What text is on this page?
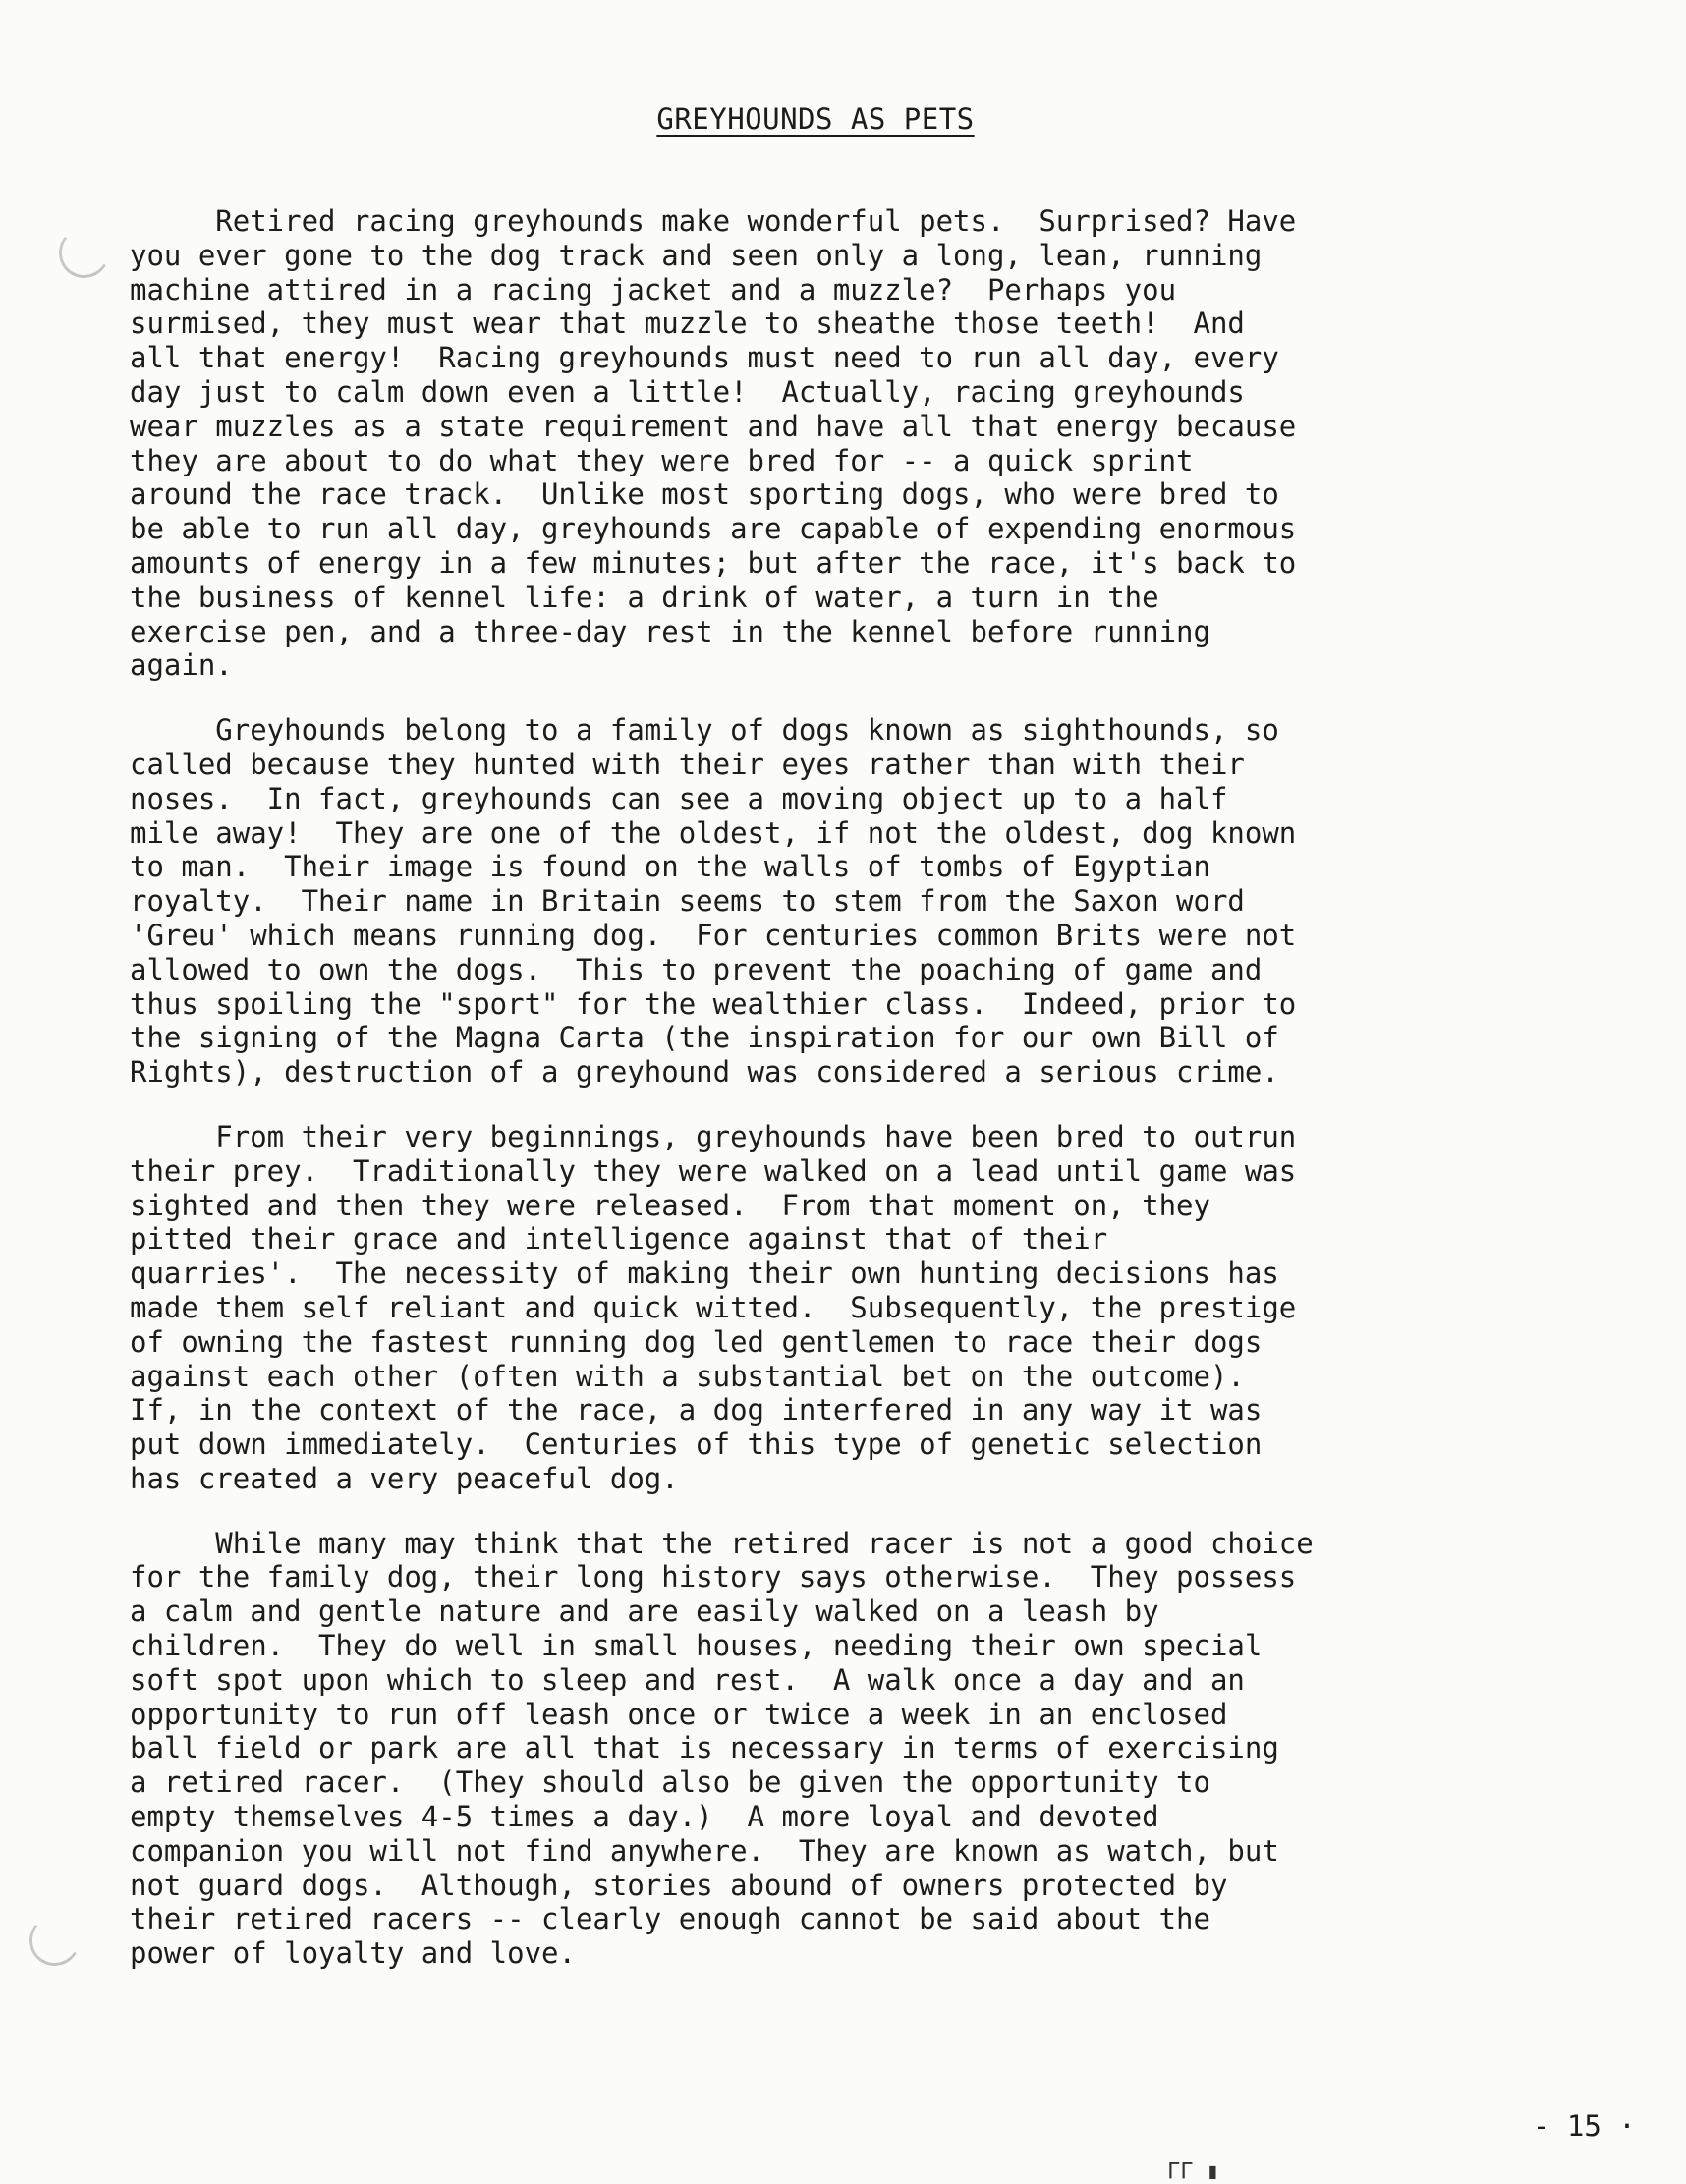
GREYHOUNDS AS PETS
Retired racing greyhounds make wonderful pets.  Surprised? Have
you ever gone to the dog track and seen only a long, lean, running
machine attired in a racing jacket and a muzzle?  Perhaps you
surmised, they must wear that muzzle to sheathe those teeth!  And
all that energy!  Racing greyhounds must need to run all day, every
day just to calm down even a little!  Actually, racing greyhounds
wear muzzles as a state requirement and have all that energy because
they are about to do what they were bred for -- a quick sprint
around the race track.  Unlike most sporting dogs, who were bred to
be able to run all day, greyhounds are capable of expending enormous
amounts of energy in a few minutes; but after the race, it's back to
the business of kennel life: a drink of water, a turn in the
exercise pen, and a three-day rest in the kennel before running
again.
Greyhounds belong to a family of dogs known as sighthounds, so
called because they hunted with their eyes rather than with their
noses.  In fact, greyhounds can see a moving object up to a half
mile away!  They are one of the oldest, if not the oldest, dog known
to man.  Their image is found on the walls of tombs of Egyptian
royalty.  Their name in Britain seems to stem from the Saxon word
'Greu' which means running dog.  For centuries common Brits were not
allowed to own the dogs.  This to prevent the poaching of game and
thus spoiling the "sport" for the wealthier class.  Indeed, prior to
the signing of the Magna Carta (the inspiration for our own Bill of
Rights), destruction of a greyhound was considered a serious crime.
From their very beginnings, greyhounds have been bred to outrun
their prey.  Traditionally they were walked on a lead until game was
sighted and then they were released.  From that moment on, they
pitted their grace and intelligence against that of their
quarries'.  The necessity of making their own hunting decisions has
made them self reliant and quick witted.  Subsequently, the prestige
of owning the fastest running dog led gentlemen to race their dogs
against each other (often with a substantial bet on the outcome).
If, in the context of the race, a dog interfered in any way it was
put down immediately.  Centuries of this type of genetic selection
has created a very peaceful dog.
While many may think that the retired racer is not a good choice
for the family dog, their long history says otherwise.  They possess
a calm and gentle nature and are easily walked on a leash by
children.  They do well in small houses, needing their own special
soft spot upon which to sleep and rest.  A walk once a day and an
opportunity to run off leash once or twice a week in an enclosed
ball field or park are all that is necessary in terms of exercising
a retired racer.  (They should also be given the opportunity to
empty themselves 4-5 times a day.)  A more loyal and devoted
companion you will not find anywhere.  They are known as watch, but
not guard dogs.  Although, stories abound of owners protected by
their retired racers -- clearly enough cannot be said about the
power of loyalty and love.
- 15 ·
ΓΓ ▮
